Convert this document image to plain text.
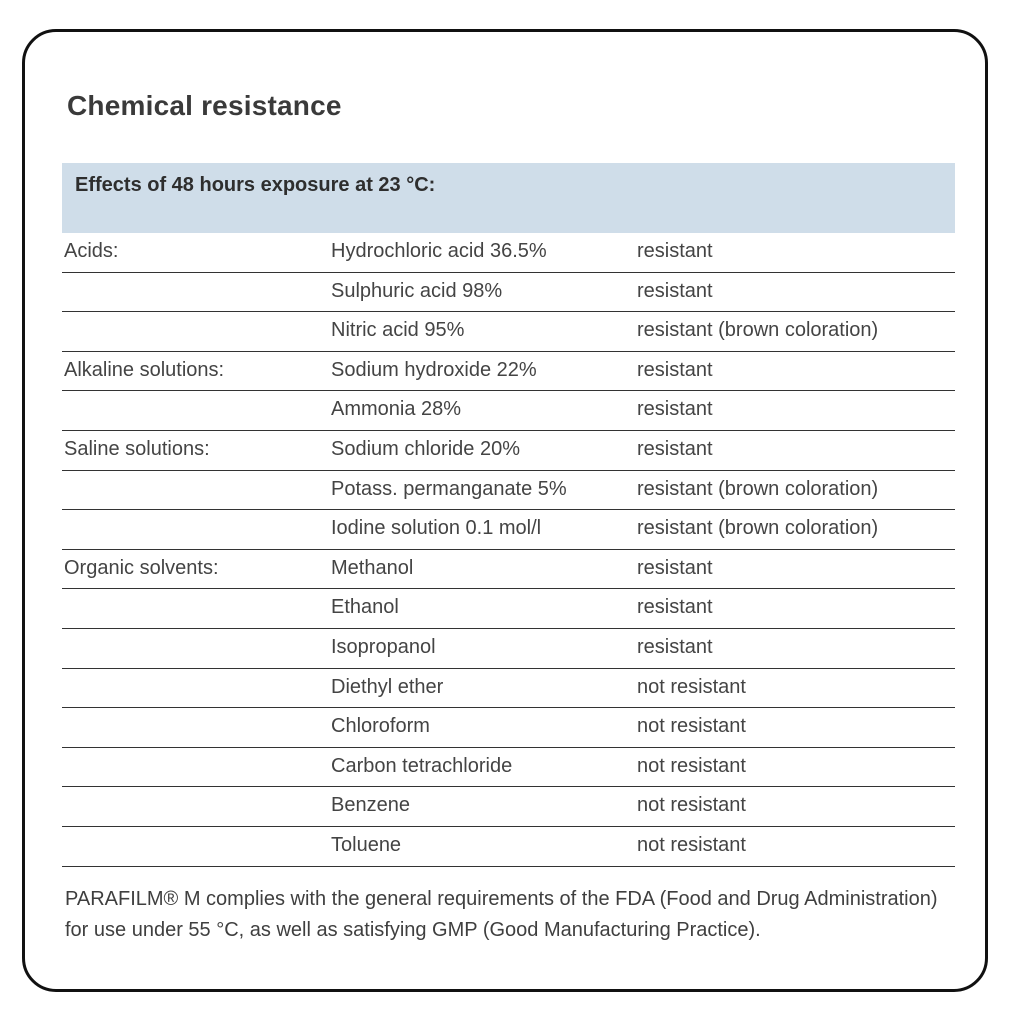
Chemical resistance
Effects of 48 hours exposure at 23 °C:
Acids:	Hydrochloric acid 36.5%	resistant
Sulphuric acid 98%	resistant
Nitric acid 95%	resistant (brown coloration)
Alkaline solutions:	Sodium hydroxide 22%	resistant
Ammonia 28%	resistant
Saline solutions:	Sodium chloride 20%	resistant
Potass. permanganate 5%	resistant (brown coloration)
Iodine solution 0.1 mol/l	resistant (brown coloration)
Organic solvents:	Methanol	resistant
Ethanol	resistant
Isopropanol	resistant
Diethyl ether	not resistant
Chloroform	not resistant
Carbon tetrachloride	not resistant
Benzene	not resistant
Toluene	not resistant

PARAFILM® M complies with the general requirements of the FDA (Food and Drug Administration) for use under 55 °C, as well as satisfying GMP (Good Manufacturing Practice).
